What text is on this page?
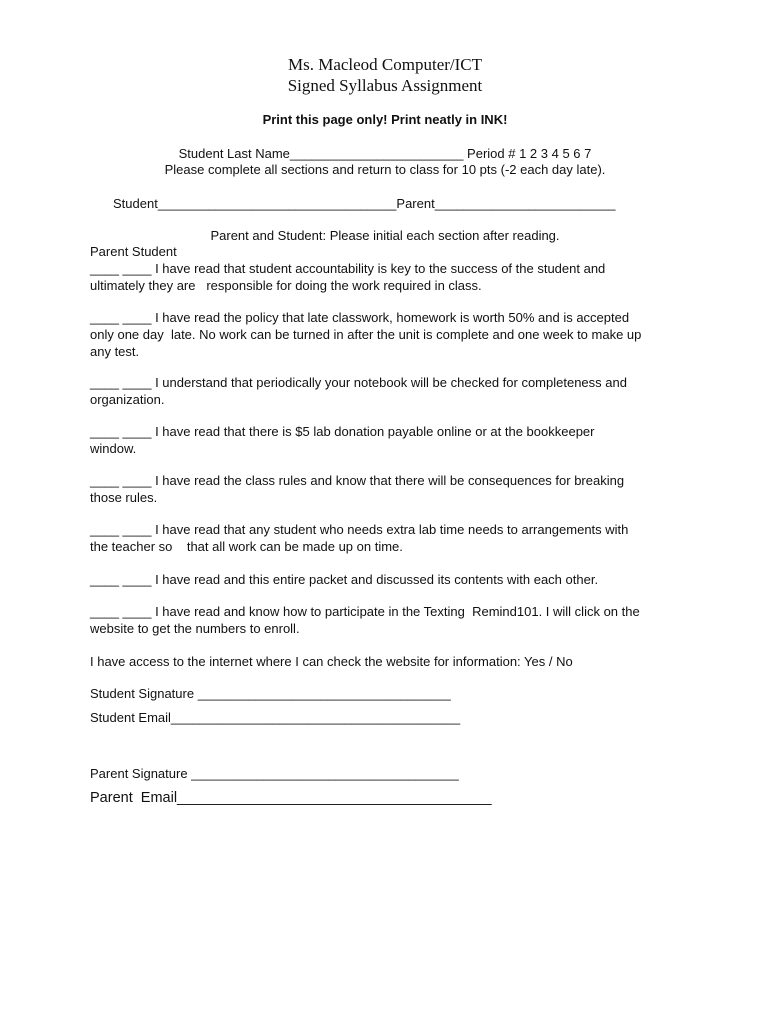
Ms. Macleod Computer/ICT
Signed Syllabus Assignment
Print this page only! Print neatly in INK!
Student Last Name________________________ Period # 1 2 3 4 5 6 7
Please complete all sections and return to class for 10 pts (-2 each day late).
Student_________________________________Parent_________________________
Parent and Student: Please initial each section after reading.
Parent Student
____ ____ I have read that student accountability is key to the success of the student and
ultimately they are   responsible for doing the work required in class.
____ ____ I have read the policy that late classwork, homework is worth 50% and is accepted
only one day  late. No work can be turned in after the unit is complete and one week to make up
any test.
____ ____ I understand that periodically your notebook will be checked for completeness and
organization.
____ ____ I have read that there is $5 lab donation payable online or at the bookkeeper
window.
____ ____ I have read the class rules and know that there will be consequences for breaking
those rules.
____ ____ I have read that any student who needs extra lab time needs to arrangements with
the teacher so    that all work can be made up on time.
____ ____ I have read and this entire packet and discussed its contents with each other.
____ ____ I have read and know how to participate in the Texting  Remind101. I will click on the
website to get the numbers to enroll.
I have access to the internet where I can check the website for information: Yes / No
Student Signature ___________________________________
Student Email________________________________________
Parent Signature _____________________________________
Parent  Email_______________________________________
